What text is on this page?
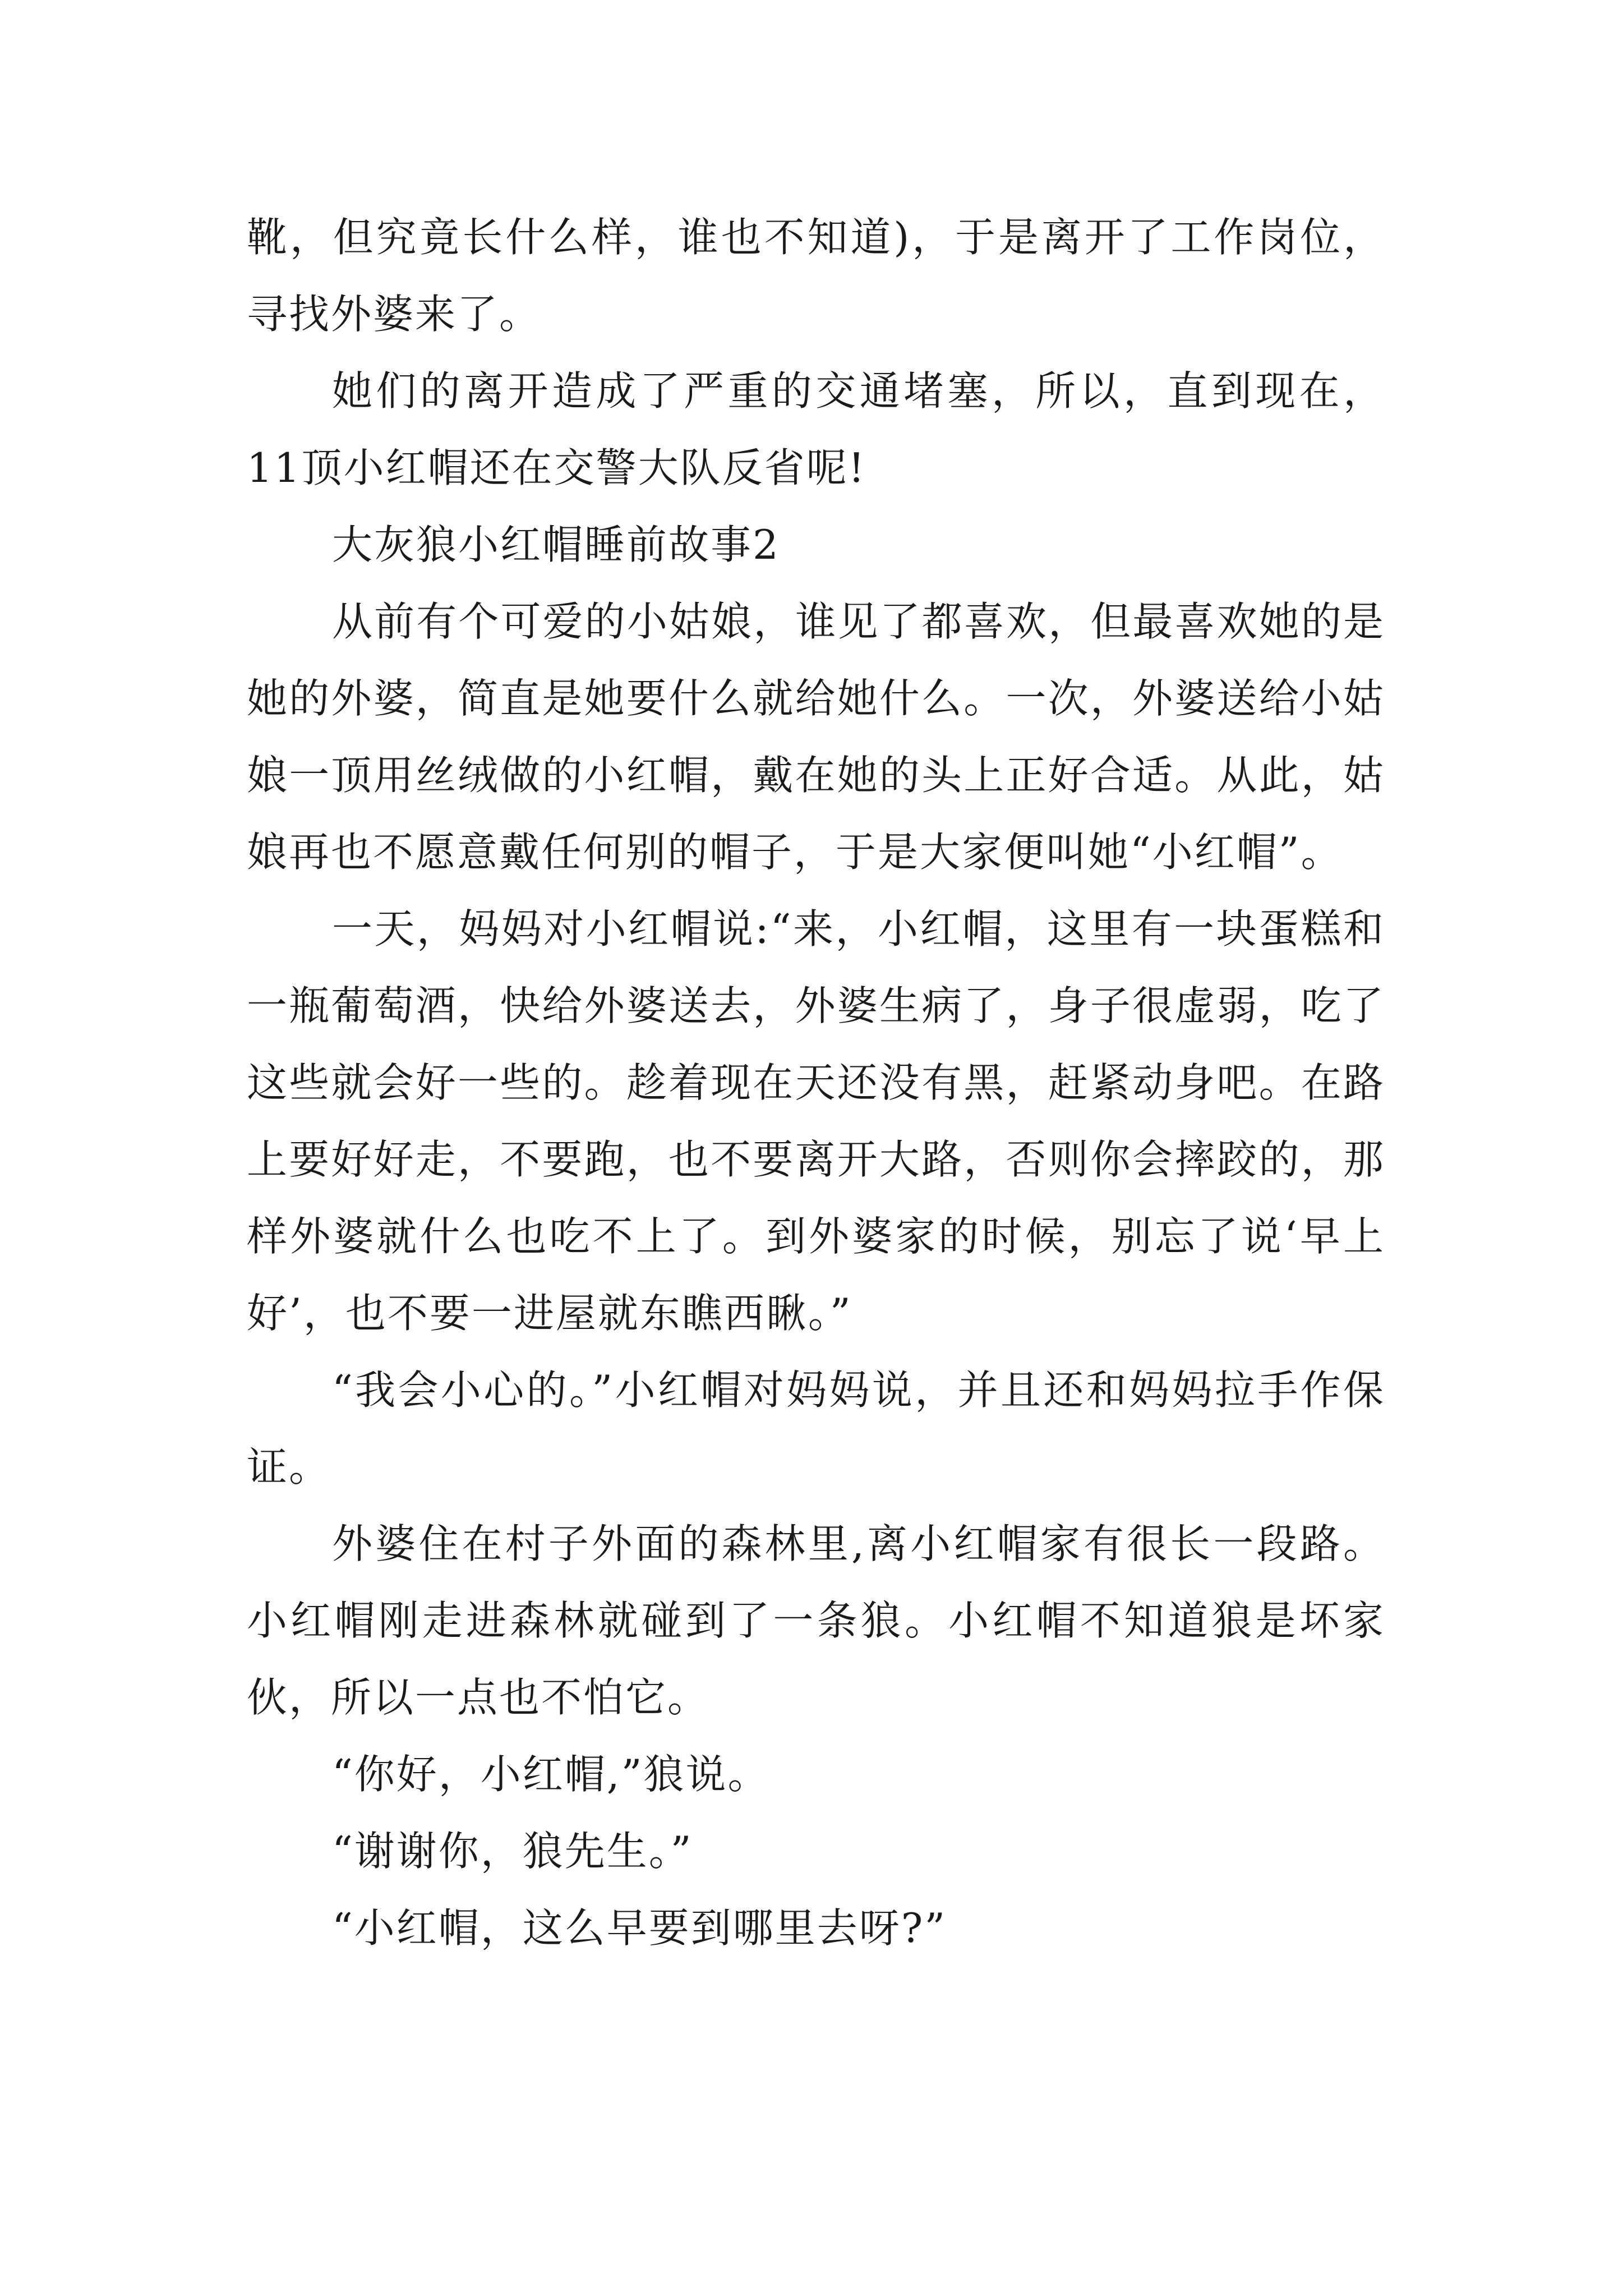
靴，但究竟长什么样，谁也不知道)，于是离开了工作岗位，寻找外婆来了。

她们的离开造成了严重的交通堵塞，所以，直到现在，11顶小红帽还在交警大队反省呢!

大灰狼小红帽睡前故事2

从前有个可爱的小姑娘，谁见了都喜欢，但最喜欢她的是她的外婆，简直是她要什么就给她什么。一次，外婆送给小姑娘一顶用丝绒做的小红帽，戴在她的头上正好合适。从此，姑娘再也不愿意戴任何别的帽子，于是大家便叫她“小红帽”。

一天，妈妈对小红帽说:“来，小红帽，这里有一块蛋糕和一瓶葡萄酒，快给外婆送去，外婆生病了，身子很虚弱，吃了这些就会好一些的。趁着现在天还没有黑，赶紧动身吧。在路上要好好走，不要跑，也不要离开大路，否则你会摔跤的，那样外婆就什么也吃不上了。到外婆家的时候，别忘了说‘早上好’，也不要一进屋就东瞧西瞅。”

“我会小心的。”小红帽对妈妈说，并且还和妈妈拉手作保证。

外婆住在村子外面的森林里,离小红帽家有很长一段路。小红帽刚走进森林就碰到了一条狼。小红帽不知道狼是坏家伙，所以一点也不怕它。

“你好，小红帽,”狼说。

“谢谢你，狼先生。”

“小红帽，这么早要到哪里去呀?”
